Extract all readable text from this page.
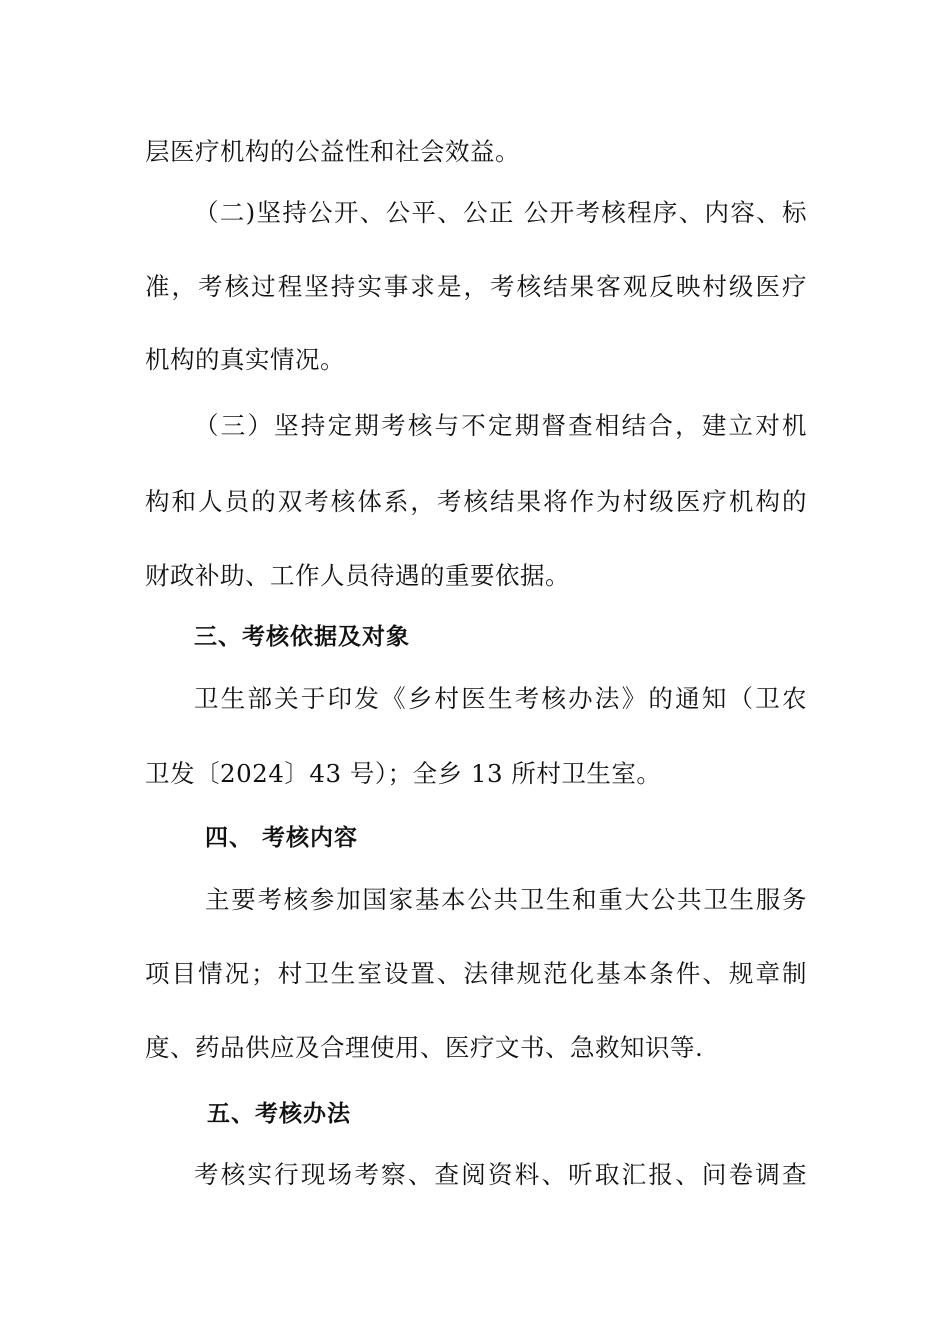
层医疗机构的公益性和社会效益。
（二)坚持公开、公平、公正 公开考核程序、内容、标
准，考核过程坚持实事求是，考核结果客观反映村级医疗
机构的真实情况。
（三）坚持定期考核与不定期督查相结合，建立对机
构和人员的双考核体系，考核结果将作为村级医疗机构的
财政补助、工作人员待遇的重要依据。
三、考核依据及对象
卫生部关于印发《乡村医生考核办法》的通知（卫农
卫发〔2024〕43 号）；全乡 13 所村卫生室。
四、 考核内容
主要考核参加国家基本公共卫生和重大公共卫生服务
项目情况；村卫生室设置、法律规范化基本条件、规章制
度、药品供应及合理使用、医疗文书、急救知识等.
五、考核办法
考核实行现场考察、查阅资料、听取汇报、问卷调查
